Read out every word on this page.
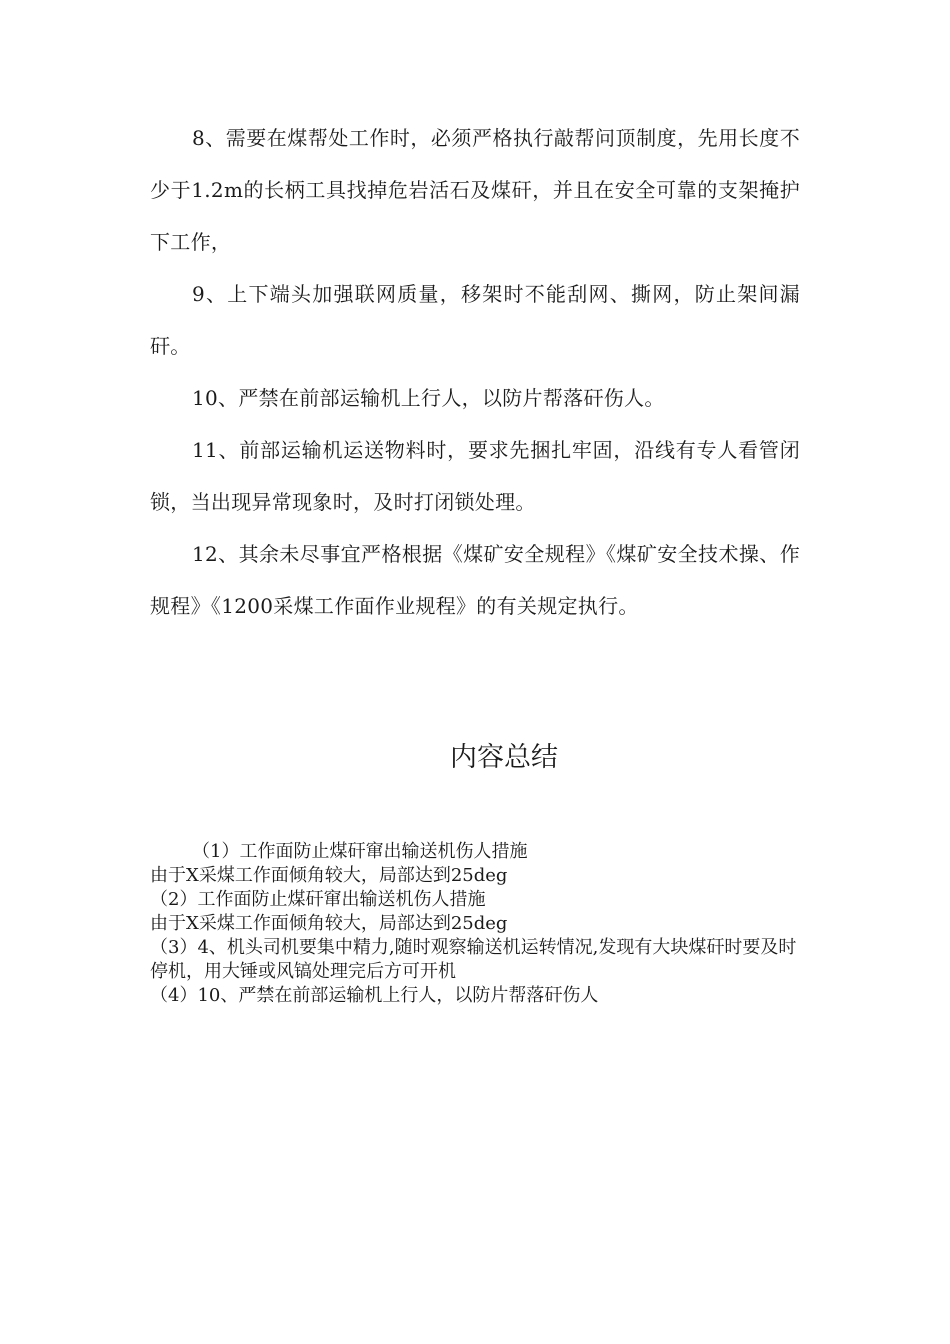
8、需要在煤帮处工作时，必须严格执行敲帮问顶制度，先用长度不少于1.2m的长柄工具找掉危岩活石及煤矸，并且在安全可靠的支架掩护下工作，

9、上下端头加强联网质量，移架时不能刮网、撕网，防止架间漏矸。

10、严禁在前部运输机上行人，以防片帮落矸伤人。

11、前部运输机运送物料时，要求先捆扎牢固，沿线有专人看管闭锁，当出现异常现象时，及时打闭锁处理。

12、其余未尽事宜严格根据《煤矿安全规程》《煤矿安全技术操、作规程》《1200采煤工作面作业规程》的有关规定执行。

内容总结

（1）工作面防止煤矸窜出输送机伤人措施

由于X采煤工作面倾角较大，局部达到25deg

（2）工作面防止煤矸窜出输送机伤人措施

由于X采煤工作面倾角较大，局部达到25deg

（3）4、机头司机要集中精力,随时观察输送机运转情况,发现有大块煤矸时要及时停机，用大锤或风镐处理完后方可开机

（4）10、严禁在前部运输机上行人，以防片帮落矸伤人
